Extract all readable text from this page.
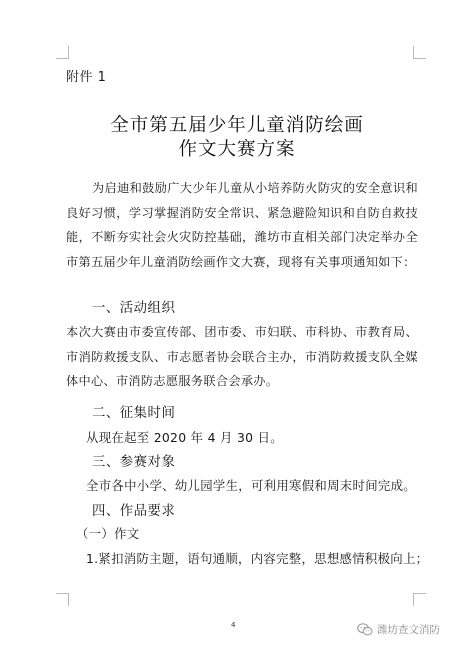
附件 1
全市第五届少年儿童消防绘画
作文大赛方案
为启迪和鼓励广大少年儿童从小培养防火防灾的安全意识和良好习惯，学习掌握消防安全常识、紧急避险知识和自防自救技能，不断夯实社会火灾防控基础，潍坊市直相关部门决定举办全市第五届少年儿童消防绘画作文大赛，现将有关事项通知如下：
一、活动组织
本次大赛由市委宣传部、团市委、市妇联、市科协、市教育局、市消防救援支队、市志愿者协会联合主办，市消防救援支队全媒体中心、市消防志愿服务联合会承办。
二、征集时间
从现在起至 2020 年 4 月 30 日。
三、参赛对象
全市各中小学、幼儿园学生，可利用寒假和周末时间完成。
四、作品要求
（一）作文
1.紧扣消防主题，语句通顺，内容完整，思想感情积极向上；
4	潍坊查文消防
